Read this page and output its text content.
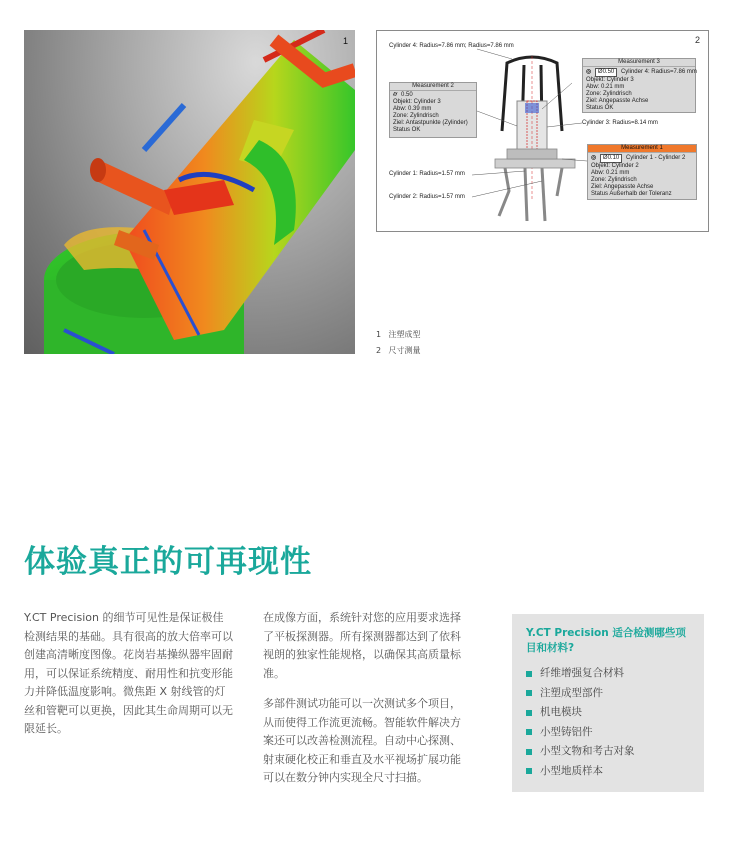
1	2
Cylinder 4: Radius=7.86 mm; Radius=7.86 mm
Cylinder 3: Radius=8.14 mm
Cylinder 1: Radius=1.57 mm
Cylinder 2: Radius=1.57 mm
Measurement 2
⌭ 0.50
Objekt: Cylinder 3
Abw: 0.39 mm
Zone: Zylindrisch
Ziel: Antastpunkte (Zylinder)
Status OK
Measurement 3
◎ Ø0.50 Cylinder 4: Radius=7.86 mm
Objekt: Cylinder 3
Abw: 0.21 mm
Zone: Zylindrisch
Ziel: Angepasste Achse
Status OK
Measurement 1
◎ Ø0.10 Cylinder 1 - Cylinder 2
Objekt: Cylinder 2
Abw: 0.21 mm
Zone: Zylindrisch
Ziel: Angepasste Achse
Status Außerhalb der Toleranz
1 注塑成型
2 尺寸测量
体验真正的可再现性

Y.CT Precision 的细节可见性是保证极佳检测结果的基础。具有很高的放大倍率可以创建高清晰度图像。花岗岩基操纵器牢固耐用，可以保证系统精度、耐用性和抗变形能力并降低温度影响。微焦距 X 射线管的灯丝和管靶可以更换，因此其生命周期可以无限延长。

在成像方面，系统针对您的应用要求选择了平板探测器。所有探测器都达到了依科视朗的独家性能规格，以确保其高质量标准。

多部件测试功能可以一次测试多个项目，从而使得工作流更流畅。智能软件解决方案还可以改善检测流程。自动中心探测、射束硬化校正和垂直及水平视场扩展功能可以在数分钟内实现全尺寸扫描。

Y.CT Precision 适合检测哪些项目和材料?

纤维增强复合材料
注塑成型部件
机电模块
小型铸铝件
小型文物和考古对象
小型地质样本
